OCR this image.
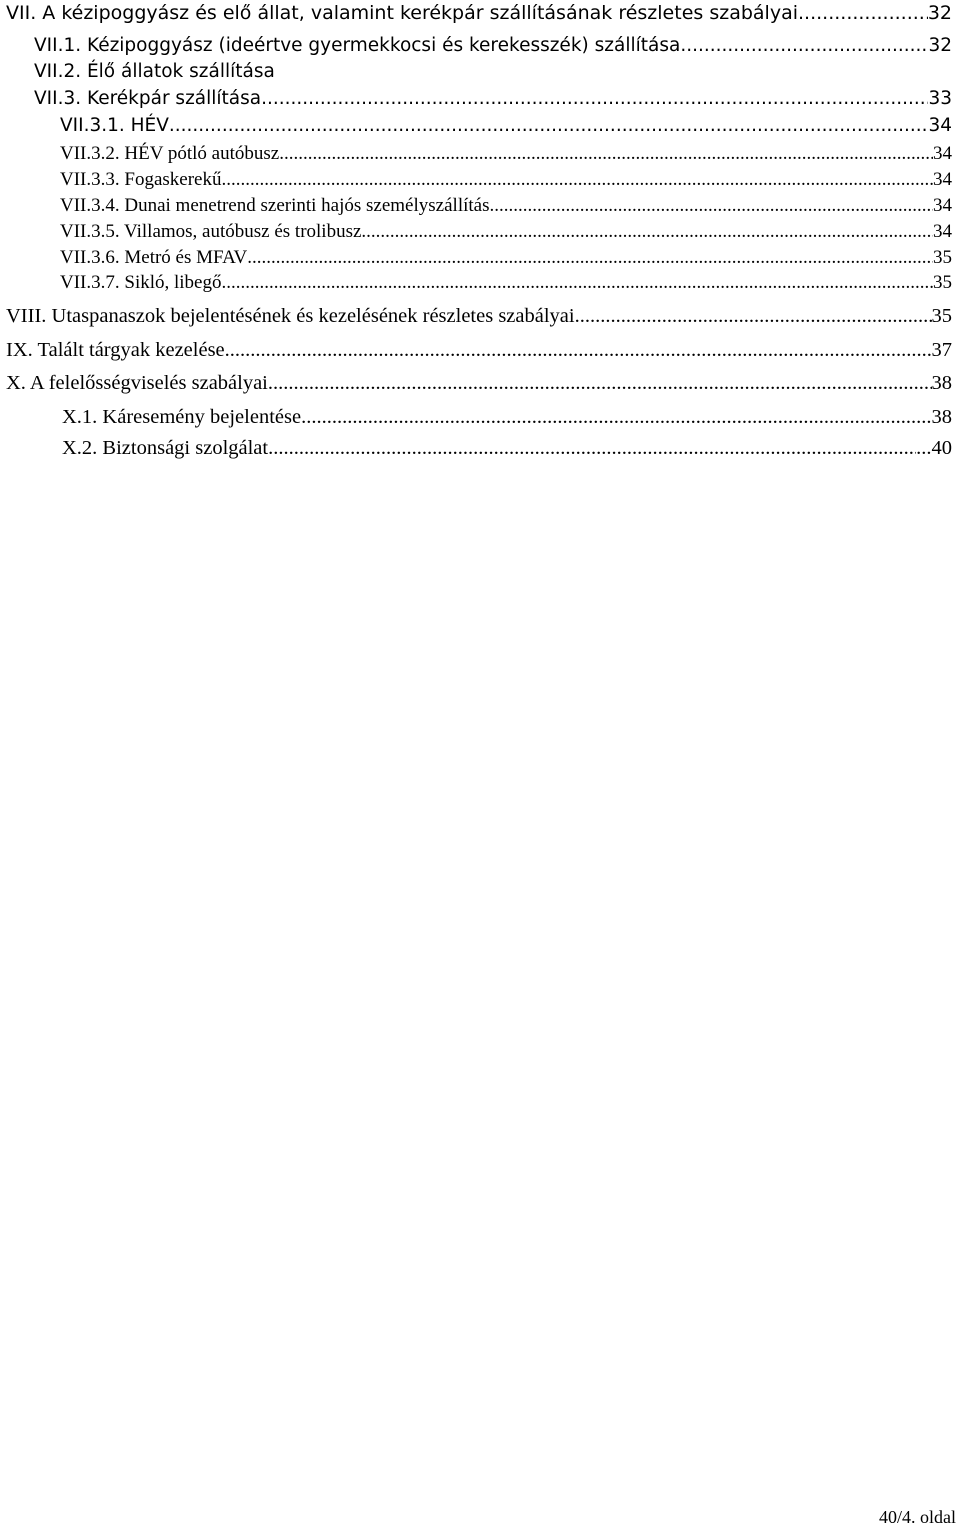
VII. A kézipoggyász és elő állat, valamint kerékpár szállításának részletes szabályai .....	32
VII.1. Kézipoggyász (ideértve gyermekkocsi és kerekesszék) szállítása .....	32
VII.2. Élő állatok szállítása
VII.3. Kerékpár szállítása .....	33
VII.3.1. HÉV .....	34
VII.3.2. HÉV pótló autóbusz .....	34
VII.3.3. Fogaskerekű .....	34
VII.3.4. Dunai menetrend szerinti hajós személyszállítás .....	34
VII.3.5. Villamos, autóbusz és trolibusz .....	34
VII.3.6. Metró és MFAV .....	35
VII.3.7. Sikló, libegő .....	35
VIII. Utaspanaszok bejelentésének és kezelésének részletes szabályai .....	35
IX. Talált tárgyak kezelése .....	37
X. A felelősségviselés szabályai .....	38
X.1. Káresemény bejelentése .....	38
X.2. Biztonsági szolgálat .....	...40
40/4. oldal
